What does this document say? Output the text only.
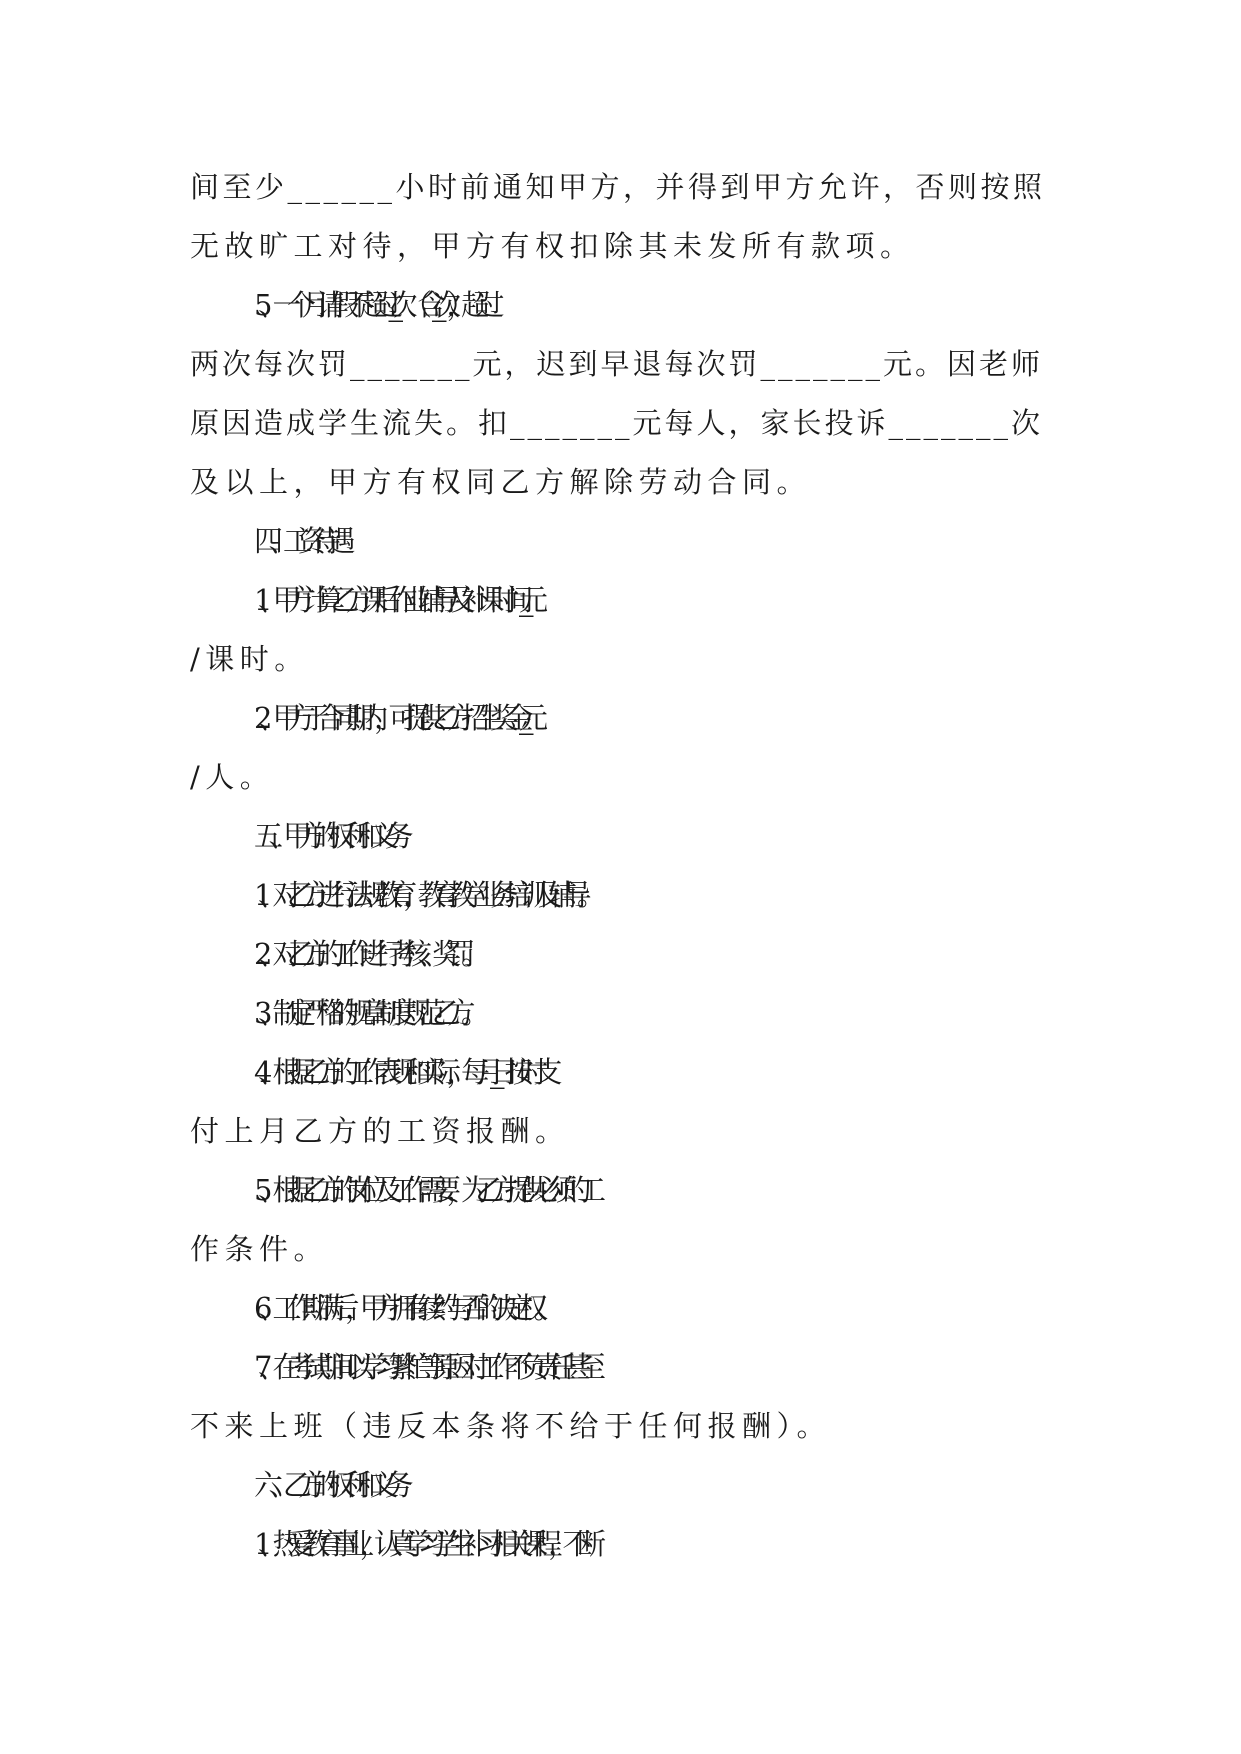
间至少______小时前通知甲方，并得到甲方允许，否则按照
无故旷工对待，甲方有权扣除其未发所有款项。
5、一个月请假不超过_______次（含_______次），超过
两次每次罚_______元，迟到早退每次罚_______元。因老师
原因造成学生流失。扣_______元每人，家长投诉_______次
及以上，甲方有权同乙方解除劳动合同。
四、工资待遇
1、甲方计算乙方课后作业辅导及补课时间_________元
/课时。
2、甲方于合同期内，可提供乙方招生奖金_________元
/人。
五、甲方的权利和义务
1、对乙方进行法规教育，教育教学业务培训及辅导。
2、对乙方的工作进行考核、奖罚。
3、制定严格的规章制度规范乙方。
4、根据乙方的工作表现和实际，每月______日按时支
付上月乙方的工资报酬。
5、根据乙方的岗位及工作需要，为乙方提供必须的工
作条件。
6、工作期满后，甲方拥有续约与否的决定权。
7、在考试期间以学习繁忙等原因对工作不负责任甚至
不来上班（违反本条将不给于任何报酬）。
六、乙方的权利和义务
1、热爱教育事业，认真学习学生补习相关课程，不断
